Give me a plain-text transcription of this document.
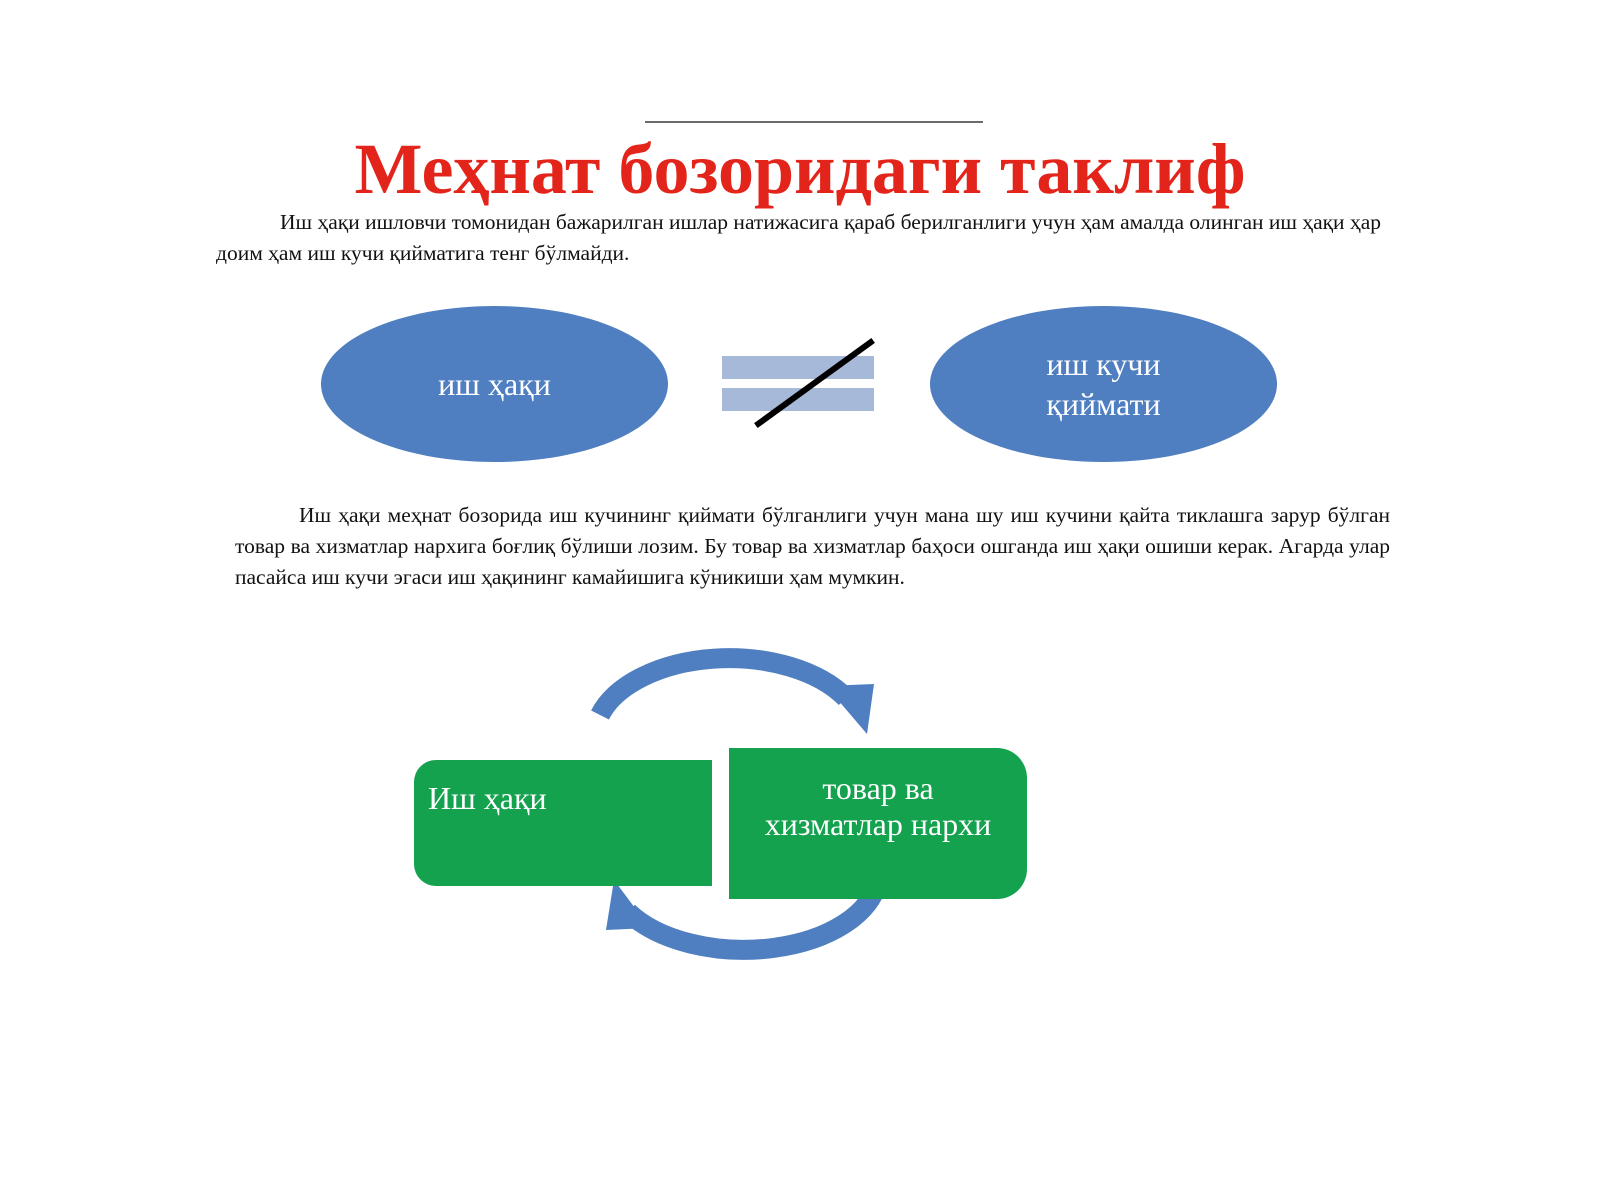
Меҳнат бозоридаги таклиф

Иш ҳақи ишловчи томонидан бажарилган ишлар натижасига қараб берилганлиги учун ҳам амалда олинган иш ҳақи ҳар доим ҳам иш кучи қийматига тенг бўлмайди.

иш ҳақи
иш кучи
қиймати

Иш ҳақи меҳнат бозорида иш кучининг қиймати бўлганлиги учун мана шу иш кучини қайта тиклашга зарур бўлган товар ва хизматлар нархига боғлиқ бўлиши лозим. Бу товар ва хизматлар баҳоси ошганда иш ҳақи ошиши керак. Агарда улар пасайса иш кучи эгаси иш ҳақининг камайишига кўникиши ҳам мумкин.

Иш ҳақи	товар ва
хизматлар нархи
